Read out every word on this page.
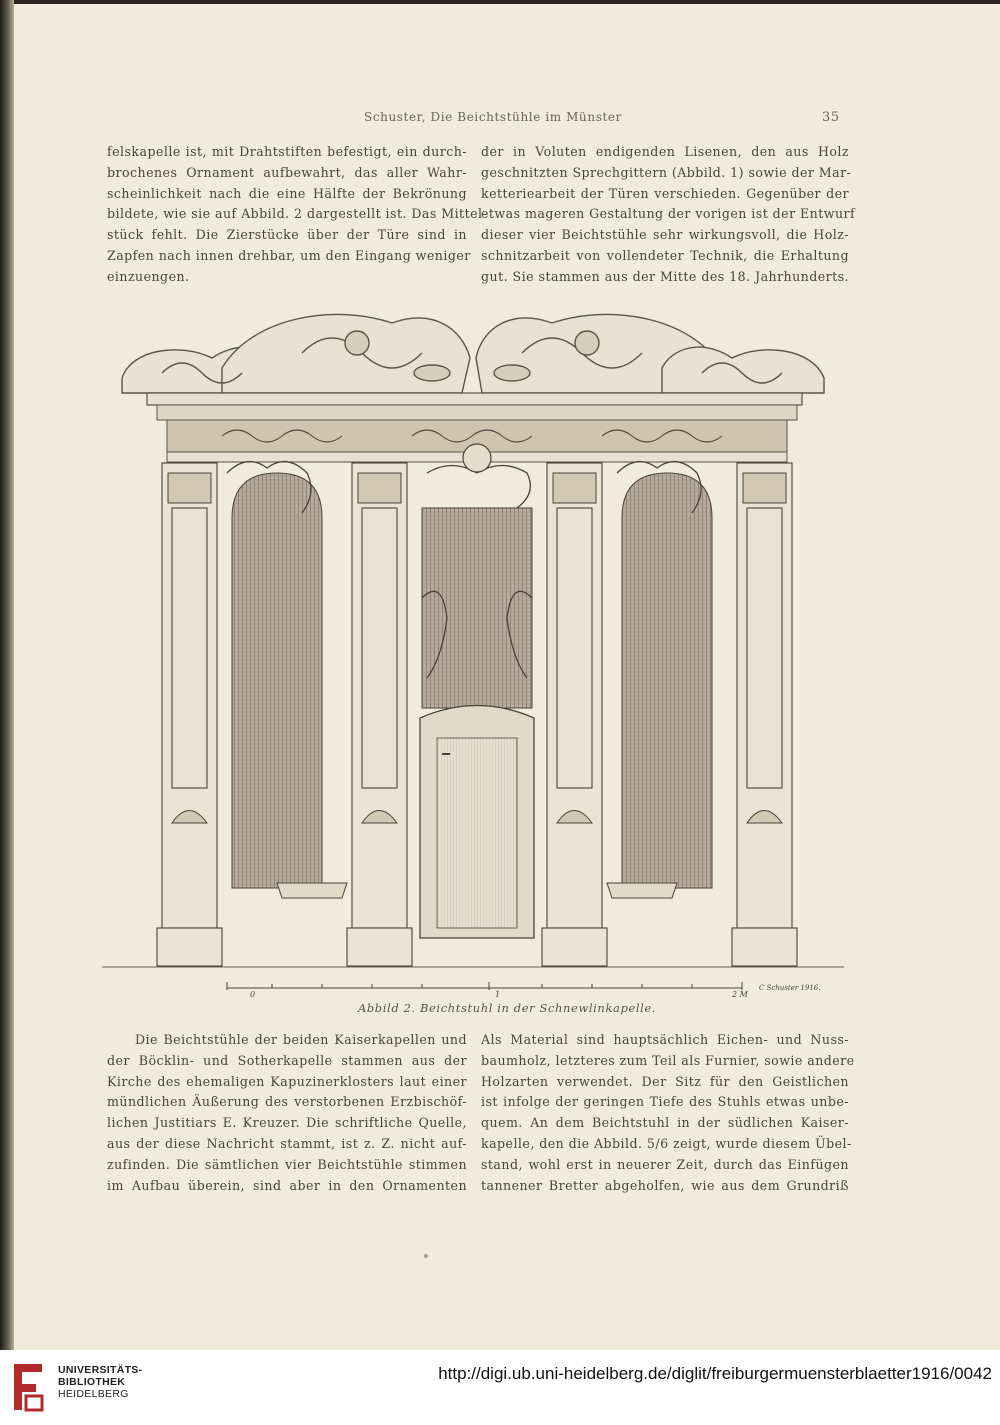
Schuster, Die Beichtstühle im Münster	35
felskapelle ist, mit Drahtstiften befestigt, ein durch-
brochenes Ornament aufbewahrt, das aller Wahr-
scheinlichkeit nach die eine Hälfte der Bekrönung
bildete, wie sie auf Abbild. 2 dargestellt ist. Das Mittel-
stück fehlt. Die Zierstücke über der Türe sind in
Zapfen nach innen drehbar, um den Eingang weniger
einzuengen.
der in Voluten endigenden Lisenen, den aus Holz
geschnitzten Sprechgittern (Abbild. 1) sowie der Mar-
ketteriearbeit der Türen verschieden. Gegenüber der
etwas mageren Gestaltung der vorigen ist der Entwurf
dieser vier Beichtstühle sehr wirkungsvoll, die Holz-
schnitzarbeit von vollendeter Technik, die Erhaltung
gut. Sie stammen aus der Mitte des 18. Jahrhunderts.
0	1	2 M
C Schuster 1916.
Abbild 2. Beichtstuhl in der Schnewlinkapelle.
Die Beichtstühle der beiden Kaiserkapellen und
der Böcklin- und Sotherkapelle stammen aus der
Kirche des ehemaligen Kapuzinerklosters laut einer
mündlichen Äußerung des verstorbenen Erzbischöf-
lichen Justitiars E. Kreuzer. Die schriftliche Quelle,
aus der diese Nachricht stammt, ist z. Z. nicht auf-
zufinden. Die sämtlichen vier Beichtstühle stimmen
im Aufbau überein, sind aber in den Ornamenten
Als Material sind hauptsächlich Eichen- und Nuss-
baumholz, letzteres zum Teil als Furnier, sowie andere
Holzarten verwendet. Der Sitz für den Geistlichen
ist infolge der geringen Tiefe des Stuhls etwas unbe-
quem. An dem Beichtstuhl in der südlichen Kaiser-
kapelle, den die Abbild. 5/6 zeigt, wurde diesem Übel-
stand, wohl erst in neuerer Zeit, durch das Einfügen
tannener Bretter abgeholfen, wie aus dem Grundriß
UNIVERSITÄTS-
BIBLIOTHEK
HEIDELBERG
http://digi.ub.uni-heidelberg.de/diglit/freiburgermuensterblaetter1916/0042
